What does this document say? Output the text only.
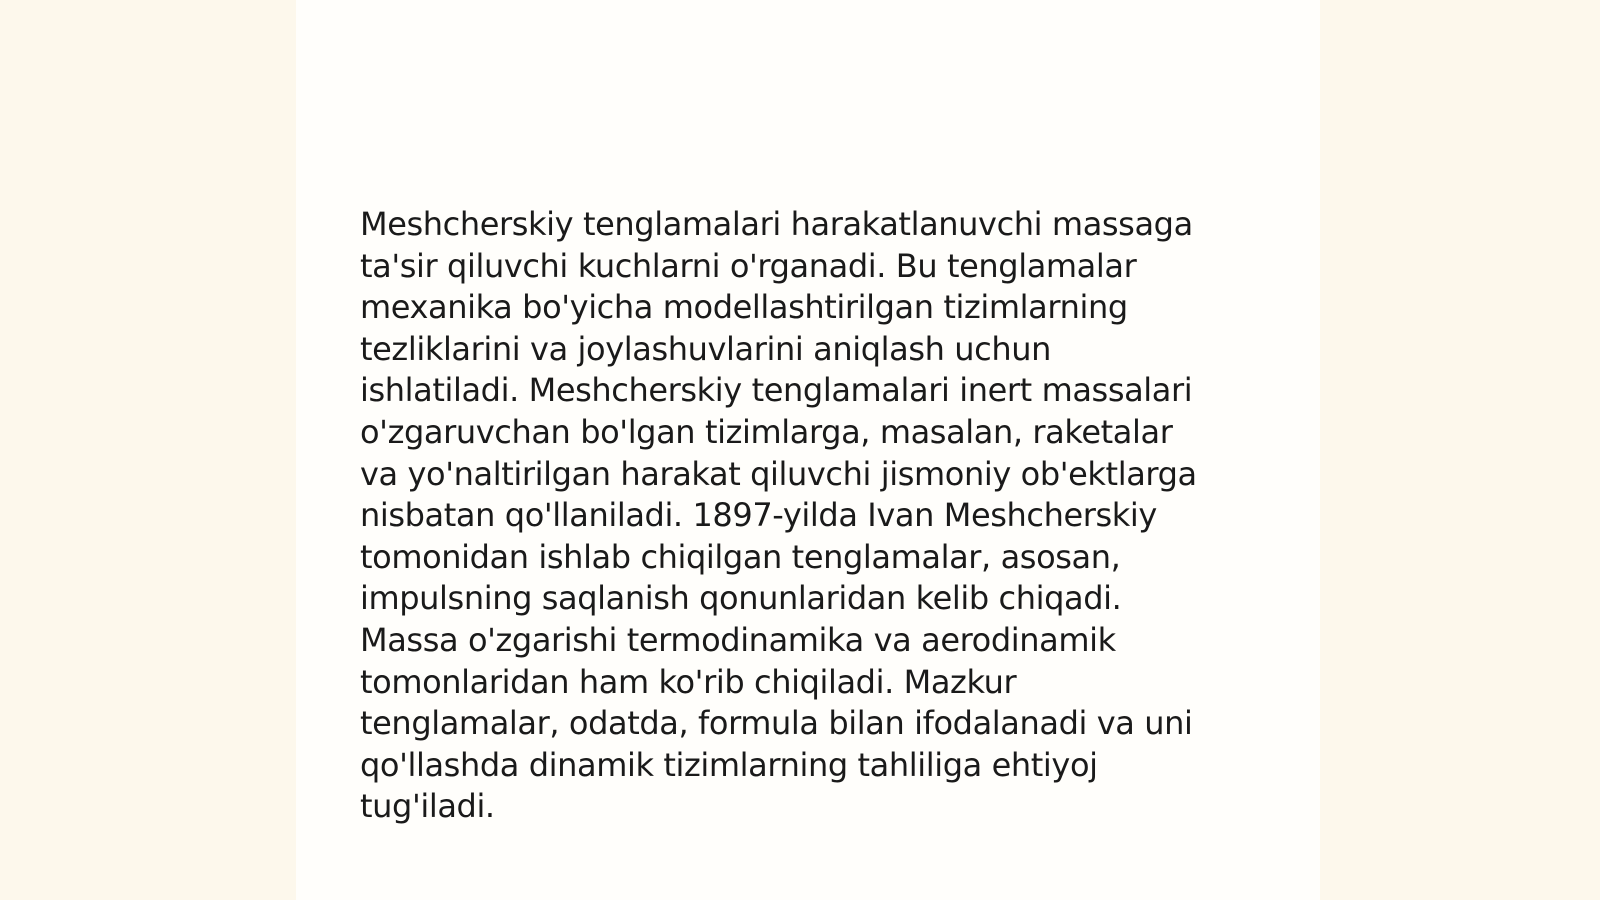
Meshcherskiy tenglamalari harakatlanuvchi massaga
ta'sir qiluvchi kuchlarni o'rganadi. Bu tenglamalar
mexanika bo'yicha modellashtirilgan tizimlarning
tezliklarini va joylashuvlarini aniqlash uchun
ishlatiladi. Meshcherskiy tenglamalari inert massalari
o'zgaruvchan bo'lgan tizimlarga, masalan, raketalar
va yo'naltirilgan harakat qiluvchi jismoniy ob'ektlarga
nisbatan qo'llaniladi. 1897-yilda Ivan Meshcherskiy
tomonidan ishlab chiqilgan tenglamalar, asosan,
impulsning saqlanish qonunlaridan kelib chiqadi.
Massa o'zgarishi termodinamika va aerodinamik
tomonlaridan ham ko'rib chiqiladi. Mazkur
tenglamalar, odatda, formula bilan ifodalanadi va uni
qo'llashda dinamik tizimlarning tahliliga ehtiyoj
tug'iladi.
